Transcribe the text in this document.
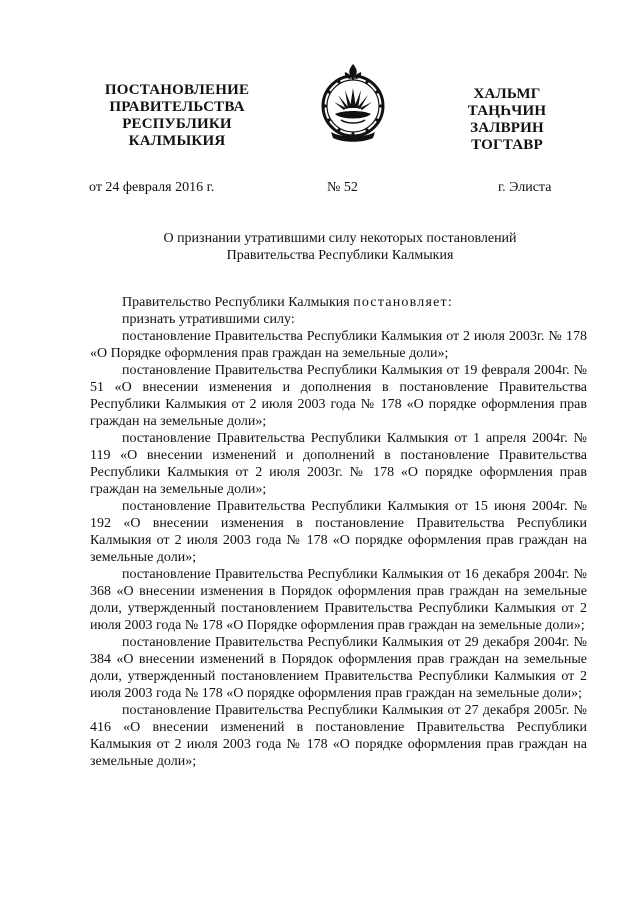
ПОСТАНОВЛЕНИЕ
ПРАВИТЕЛЬСТВА
РЕСПУБЛИКИ
КАЛМЫКИЯ
ХАЛЬМГ
ТАҢҺЧИН
ЗАЛВРИН
ТОГТАВР
от 24 февраля 2016 г.	№ 52	г. Элиста
О признании утратившими силу некоторых постановлений
Правительства Республики Калмыкия

Правительство Республики Калмыкия постановляет:

признать утратившими силу:

постановление Правительства Республики Калмыкия от 2 июля 2003г. № 178 «О Порядке оформления прав граждан на земельные доли»;

постановление Правительства Республики Калмыкия от 19 февраля 2004г. № 51 «О внесении изменения и дополнения в постановление Правительства Республики Калмыкия от 2 июля 2003 года № 178 «О порядке оформления прав граждан на земельные доли»;

постановление Правительства Республики Калмыкия от 1 апреля 2004г. № 119 «О внесении изменений и дополнений в постановление Правительства Республики Калмыкия от 2 июля 2003г. № 178 «О порядке оформления прав граждан на земельные доли»;

постановление Правительства Республики Калмыкия от 15 июня 2004г. № 192 «О внесении изменения в постановление Правительства Республики Калмыкия от 2 июля 2003 года № 178 «О порядке оформления прав граждан на земельные доли»;

постановление Правительства Республики Калмыкия от 16 декабря 2004г. № 368 «О внесении изменения в Порядок оформления прав граждан на земельные доли, утвержденный постановлением Правительства Республики Калмыкия от 2 июля 2003 года № 178 «О Порядке оформления прав граждан на земельные доли»;

постановление Правительства Республики Калмыкия от 29 декабря 2004г. № 384 «О внесении изменений в Порядок оформления прав граждан на земельные доли, утвержденный постановлением Правительства Республики Калмыкия от 2 июля 2003 года № 178 «О порядке оформления прав граждан на земельные доли»;

постановление Правительства Республики Калмыкия от 27 декабря 2005г. № 416 «О внесении изменений в постановление Правительства Республики Калмыкия от 2 июля 2003 года № 178 «О порядке оформления прав граждан на земельные доли»;
